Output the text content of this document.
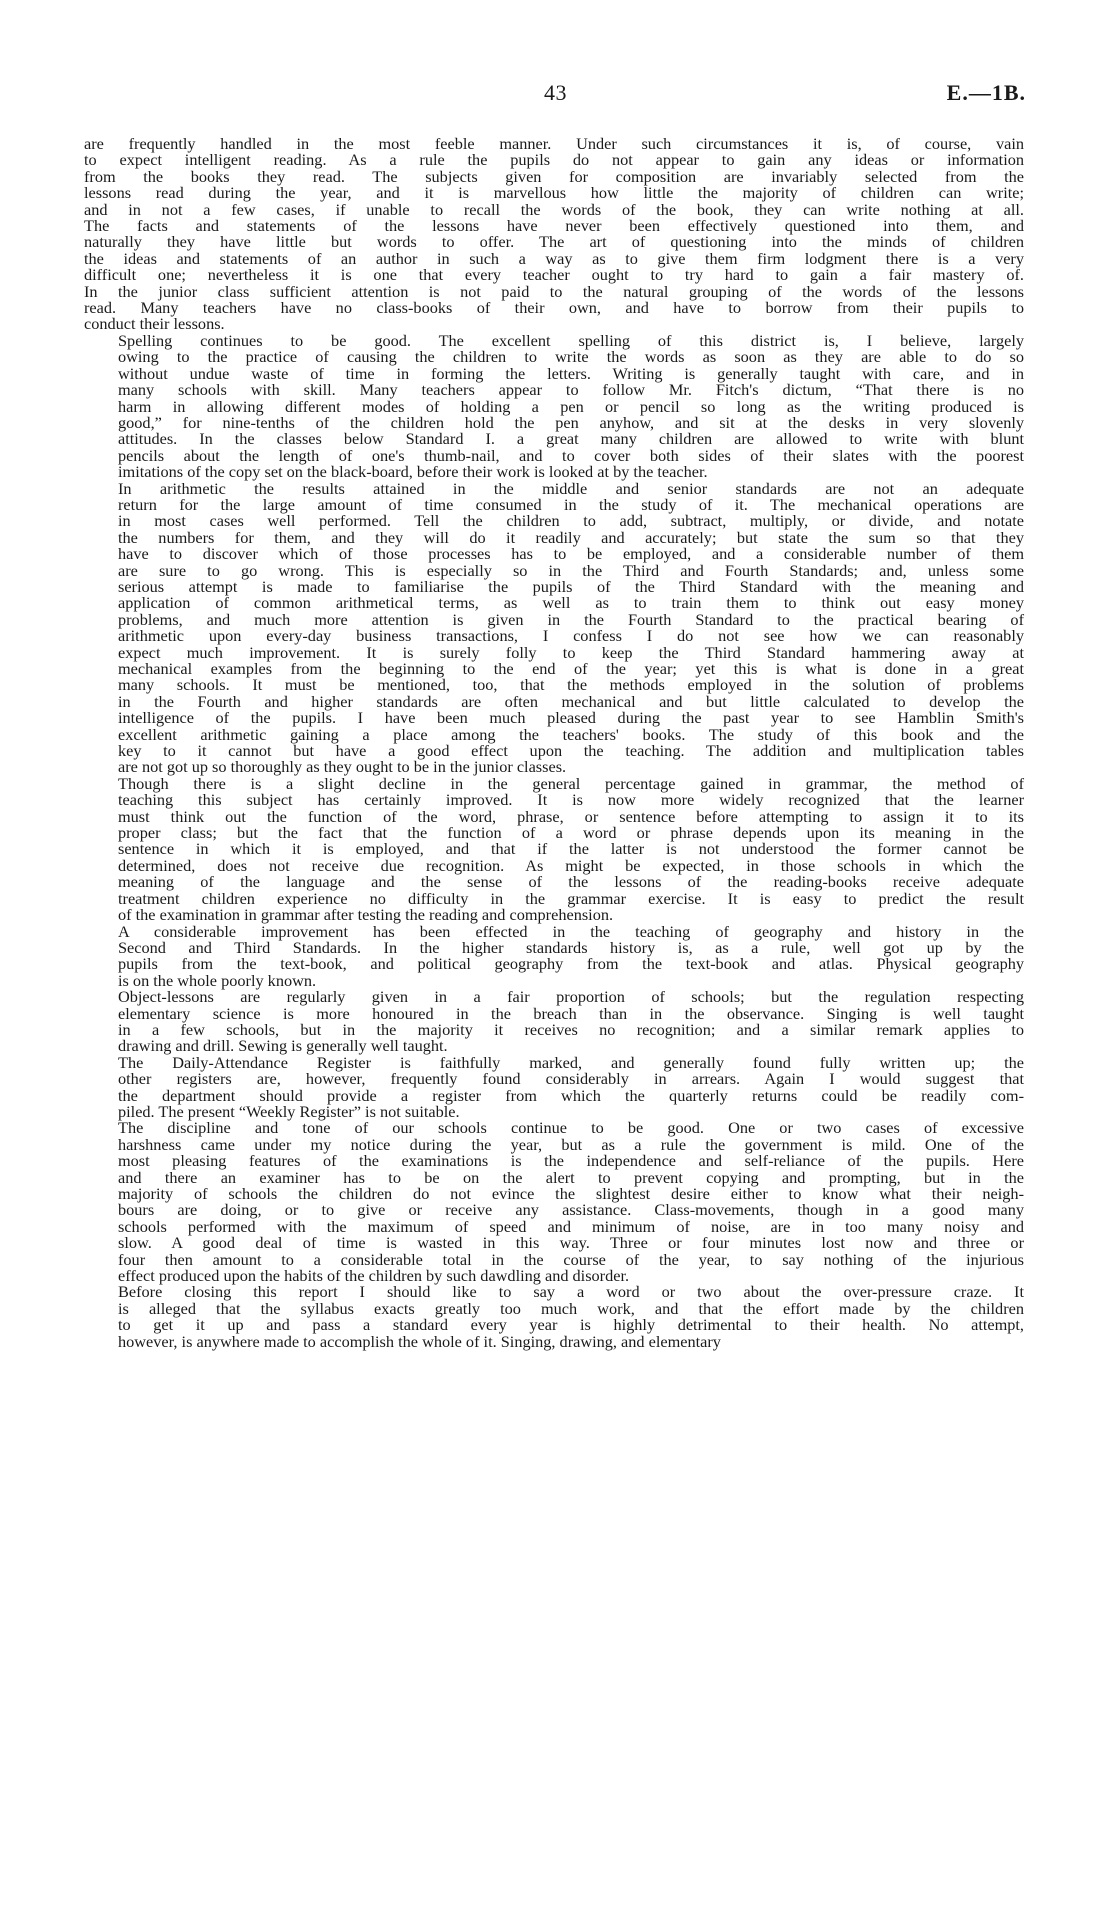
43	E.—1B.

are frequently handled in the most feeble manner. Under such circumstances it is, of course, vain
to expect intelligent reading. As a rule the pupils do not appear to gain any ideas or information
from the books they read. The subjects given for composition are invariably selected from the
lessons read during the year, and it is marvellous how little the majority of children can write;
and in not a few cases, if unable to recall the words of the book, they can write nothing at all.
The facts and statements of the lessons have never been effectively questioned into them, and
naturally they have little but words to offer. The art of questioning into the minds of children
the ideas and statements of an author in such a way as to give them firm lodgment there is a very
difficult one; nevertheless it is one that every teacher ought to try hard to gain a fair mastery of.
In the junior class sufficient attention is not paid to the natural grouping of the words of the lessons
read. Many teachers have no class-books of their own, and have to borrow from their pupils to
conduct their lessons.

Spelling continues to be good. The excellent spelling of this district is, I believe, largely
owing to the practice of causing the children to write the words as soon as they are able to do so
without undue waste of time in forming the letters. Writing is generally taught with care, and in
many schools with skill. Many teachers appear to follow Mr. Fitch's dictum, “That there is no
harm in allowing different modes of holding a pen or pencil so long as the writing produced is
good,” for nine-tenths of the children hold the pen anyhow, and sit at the desks in very slovenly
attitudes. In the classes below Standard I. a great many children are allowed to write with blunt
pencils about the length of one's thumb-nail, and to cover both sides of their slates with the poorest
imitations of the copy set on the black-board, before their work is looked at by the teacher.

In arithmetic the results attained in the middle and senior standards are not an adequate
return for the large amount of time consumed in the study of it. The mechanical operations are
in most cases well performed. Tell the children to add, subtract, multiply, or divide, and notate
the numbers for them, and they will do it readily and accurately; but state the sum so that they
have to discover which of those processes has to be employed, and a considerable number of them
are sure to go wrong. This is especially so in the Third and Fourth Standards; and, unless some
serious attempt is made to familiarise the pupils of the Third Standard with the meaning and
application of common arithmetical terms, as well as to train them to think out easy money
problems, and much more attention is given in the Fourth Standard to the practical bearing of
arithmetic upon every-day business transactions, I confess I do not see how we can reasonably
expect much improvement. It is surely folly to keep the Third Standard hammering away at
mechanical examples from the beginning to the end of the year; yet this is what is done in a great
many schools. It must be mentioned, too, that the methods employed in the solution of problems
in the Fourth and higher standards are often mechanical and but little calculated to develop the
intelligence of the pupils. I have been much pleased during the past year to see Hamblin Smith's
excellent arithmetic gaining a place among the teachers' books. The study of this book and the
key to it cannot but have a good effect upon the teaching. The addition and multiplication tables
are not got up so thoroughly as they ought to be in the junior classes.

Though there is a slight decline in the general percentage gained in grammar, the method of
teaching this subject has certainly improved. It is now more widely recognized that the learner
must think out the function of the word, phrase, or sentence before attempting to assign it to its
proper class; but the fact that the function of a word or phrase depends upon its meaning in the
sentence in which it is employed, and that if the latter is not understood the former cannot be
determined, does not receive due recognition. As might be expected, in those schools in which the
meaning of the language and the sense of the lessons of the reading-books receive adequate
treatment children experience no difficulty in the grammar exercise. It is easy to predict the result
of the examination in grammar after testing the reading and comprehension.

A considerable improvement has been effected in the teaching of geography and history in the
Second and Third Standards. In the higher standards history is, as a rule, well got up by the
pupils from the text-book, and political geography from the text-book and atlas. Physical geography
is on the whole poorly known.

Object-lessons are regularly given in a fair proportion of schools; but the regulation respecting
elementary science is more honoured in the breach than in the observance. Singing is well taught
in a few schools, but in the majority it receives no recognition; and a similar remark applies to
drawing and drill. Sewing is generally well taught.

The Daily-Attendance Register is faithfully marked, and generally found fully written up; the
other registers are, however, frequently found considerably in arrears. Again I would suggest that
the department should provide a register from which the quarterly returns could be readily com-
piled. The present “Weekly Register” is not suitable.

The discipline and tone of our schools continue to be good. One or two cases of excessive
harshness came under my notice during the year, but as a rule the government is mild. One of the
most pleasing features of the examinations is the independence and self-reliance of the pupils. Here
and there an examiner has to be on the alert to prevent copying and prompting, but in the
majority of schools the children do not evince the slightest desire either to know what their neigh-
bours are doing, or to give or receive any assistance. Class-movements, though in a good many
schools performed with the maximum of speed and minimum of noise, are in too many noisy and
slow. A good deal of time is wasted in this way. Three or four minutes lost now and three or
four then amount to a considerable total in the course of the year, to say nothing of the injurious
effect produced upon the habits of the children by such dawdling and disorder.

Before closing this report I should like to say a word or two about the over-pressure craze. It
is alleged that the syllabus exacts greatly too much work, and that the effort made by the children
to get it up and pass a standard every year is highly detrimental to their health. No attempt,
however, is anywhere made to accomplish the whole of it. Singing, drawing, and elementary
